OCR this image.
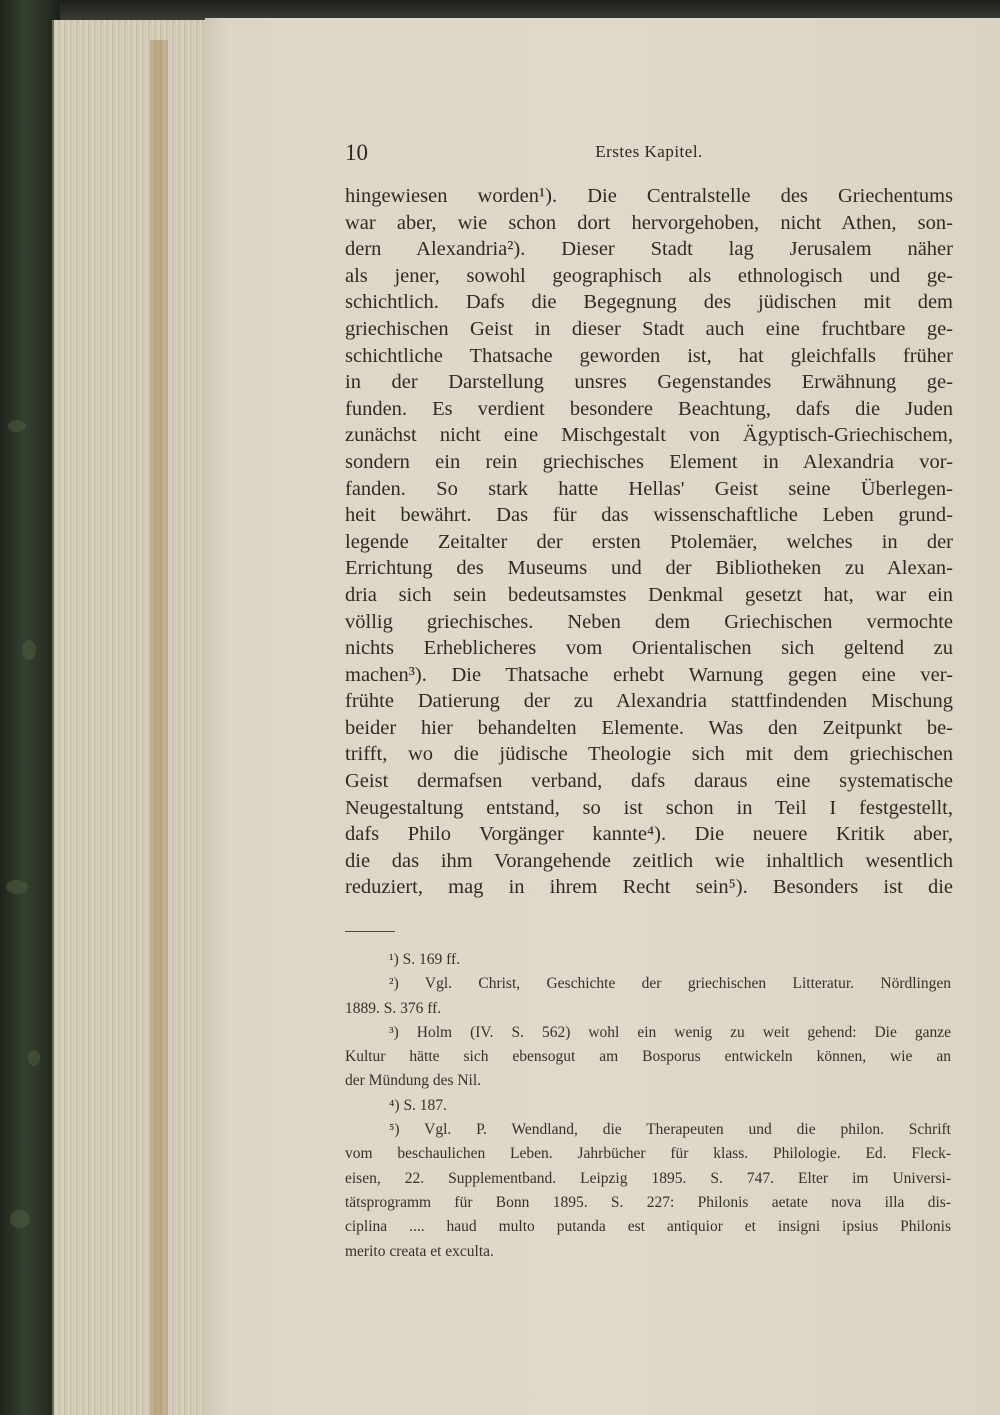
10	Erstes Kapitel.
hingewiesen worden¹). Die Centralstelle des Griechentums
war aber, wie schon dort hervorgehoben, nicht Athen, son-
dern Alexandria²). Dieser Stadt lag Jerusalem näher
als jener, sowohl geographisch als ethnologisch und ge-
schichtlich. Dafs die Begegnung des jüdischen mit dem
griechischen Geist in dieser Stadt auch eine fruchtbare ge-
schichtliche Thatsache geworden ist, hat gleichfalls früher
in der Darstellung unsres Gegenstandes Erwähnung ge-
funden. Es verdient besondere Beachtung, dafs die Juden
zunächst nicht eine Mischgestalt von Ägyptisch-Griechischem,
sondern ein rein griechisches Element in Alexandria vor-
fanden. So stark hatte Hellas' Geist seine Überlegen-
heit bewährt. Das für das wissenschaftliche Leben grund-
legende Zeitalter der ersten Ptolemäer, welches in der
Errichtung des Museums und der Bibliotheken zu Alexan-
dria sich sein bedeutsamstes Denkmal gesetzt hat, war ein
völlig griechisches. Neben dem Griechischen vermochte
nichts Erheblicheres vom Orientalischen sich geltend zu
machen³). Die Thatsache erhebt Warnung gegen eine ver-
frühte Datierung der zu Alexandria stattfindenden Mischung
beider hier behandelten Elemente. Was den Zeitpunkt be-
trifft, wo die jüdische Theologie sich mit dem griechischen
Geist dermafsen verband, dafs daraus eine systematische
Neugestaltung entstand, so ist schon in Teil I festgestellt,
dafs Philo Vorgänger kannte⁴). Die neuere Kritik aber,
die das ihm Vorangehende zeitlich wie inhaltlich wesentlich
reduziert, mag in ihrem Recht sein⁵). Besonders ist die
¹) S. 169 ff.
²) Vgl. Christ, Geschichte der griechischen Litteratur. Nördlingen
1889. S. 376 ff.
³) Holm (IV. S. 562) wohl ein wenig zu weit gehend: Die ganze
Kultur hätte sich ebensogut am Bosporus entwickeln können, wie an
der Mündung des Nil.
⁴) S. 187.
⁵) Vgl. P. Wendland, die Therapeuten und die philon. Schrift
vom beschaulichen Leben. Jahrbücher für klass. Philologie. Ed. Fleck-
eisen, 22. Supplementband. Leipzig 1895. S. 747. Elter im Universi-
tätsprogramm für Bonn 1895. S. 227: Philonis aetate nova illa dis-
ciplina .... haud multo putanda est antiquior et insigni ipsius Philonis
merito creata et exculta.
